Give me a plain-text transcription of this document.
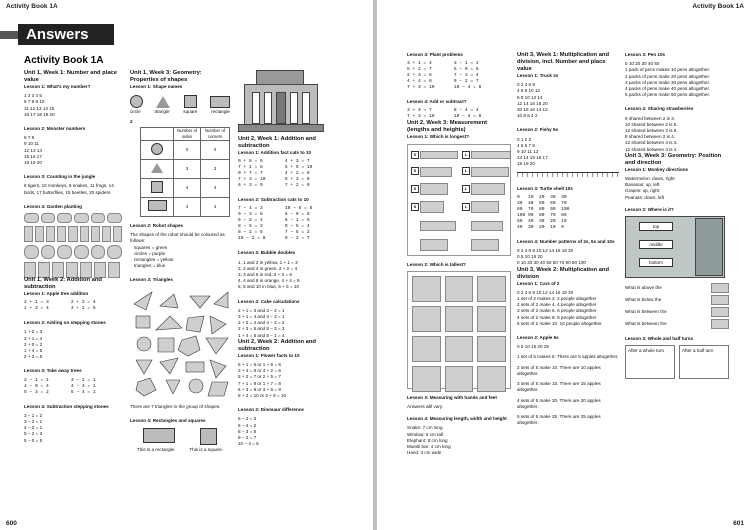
Activity Book 1A
Answers
Activity Book 1A

Unit 1, Week 1: Number and place value

Lesson 1: What's my number?

1 2 3 4 5

6 7 8 9 10

11 12 13 14 15

16 17 18 19 20

Lesson 2: Monster numbers

6 7 8

9 10 11

12 13 14

15 16 17

18 19 20

Lesson 3: Counting in the jungle

6 tigers, 10 monkeys, 8 snakes, 11 frogs, 14 birds, 17 butterflies, 15 beetles, 20 spiders

Lesson 4: Garden planting

Unit 1, Week 2: Addition and subtraction

Lesson 1: Apple tree addition

2 + 1 = 3        2 + 2 = 4
1 + 3 = 4        3 + 2 = 5

Lesson 2: Adding on stepping stones

1 + 2 = 3

3 + 1 = 4

2 + 0 = 2

1 + 4 = 5

2 + 3 = 5

Lesson 3: Take away trees

2 − 1 = 1        3 − 2 = 1
4 − 0 = 4        4 − 3 = 1
5 − 3 = 2        5 − 4 = 1

Lesson 4: Subtraction stepping stones

3 − 1 = 2

3 − 2 = 1

4 − 3 = 1

5 − 2 = 3

5 − 0 = 5

Unit 1, Week 3: Geometry: Properties of shapes

Lesson 1: Shape names

circle	triangle	square	rectangle

2

	Number of sides	Number of corners
	0	0
	3	3
	4	4
	4	4

Lesson 2: Robot shapes

The shapes of the robot should be coloured as follows:

squares = green

circles = purple

rectangles = yellow

triangles = blue

Lesson 3: Triangles

There are 7 triangles in the group of shapes.

Lesson 4: Rectangles and squares

This is a rectangle.	This is a square.

Unit 2, Week 1: Addition and subtraction

Lesson 1: Addition fact cats to 10

0 + 6 = 6        4 + 3 = 7
7 + 1 = 8        5 + 5 = 10
0 + 7 = 7        4 + 2 = 6
7 + 3 = 10       5 + 3 = 8
6 + 3 = 9        7 + 2 = 9

Lesson 2: Subtraction cats to 10

7 − 4 = 3        10 − 5 = 5
9 − 3 = 6        8 − 0 = 8
6 − 2 = 4        6 − 1 = 5
8 − 5 = 3        9 − 5 = 4
8 − 2 = 6        7 − 5 = 2
10 − 2 = 8       9 − 2 = 7

Lesson 3: Bubble doubles

1, 1 and 2 in yellow, 1 + 1 = 2

2, 2 and 4 in green, 2 + 2 = 4

3, 3 and 6 in red, 3 + 3 = 6

4, 4 and 8 in orange, 4 + 4 = 8

5, 5 and 10 in blue, 5 + 5 = 10

Lesson 4: Cake calculations

2 + 1 = 3 and 3 − 2 = 1

3 + 1 = 4 and 4 − 3 = 1

2 + 2 = 4 and 4 − 2 = 2

2 + 3 = 5 and 5 − 3 = 2

1 + 4 = 5 and 5 − 1 = 4

Unit 2, Week 2: Addition and subtraction

Lesson 1: Flower facts to 10

5 + 1 = 6 or 1 + 5 = 6

2 + 4 = 6 or 4 + 2 = 6

5 + 2 = 7 or 2 + 5 = 7

7 + 1 = 8 or 1 + 7 = 8

6 + 3 = 9 or 3 + 6 = 9

8 + 2 = 10 or 2 + 8 = 10

Lesson 2: Dinosaur difference

5 − 2 = 3

6 − 4 = 2

8 − 3 = 5

9 − 2 = 7

10 − 4 = 6

600
Activity Book 1A

Lesson 3: Plant problems

3 + 1 = 4        3 − 1 = 2
5 + 2 = 7        5 − 0 = 5
2 + 3 = 5        7 − 3 = 4
4 + 4 = 8        9 − 2 = 7
7 + 3 = 10       10 − 4 = 6

Lesson 4: Add or subtract?

3 + 4 = 7        8 − 4 = 4
7 + 3 = 10       10 − 4 = 6

Unit 2, Week 3: Measurement (lengths and heights)

Lesson 1: Which is longest?

S	L
S	L
S	L
S	L

Lesson 2: Which is tallest?

Lesson 3: Measuring with hands and feet

Answers will vary.

Lesson 4: Measuring length, width and height

Snake: 7 cm long

Window: 6 cm tall

Elephant: 8 cm long

Muesli bar: 4 cm long

Hand: 3 cm wide

Unit 3, Week 1: Multiplication and division, incl. Number and place value

Lesson 1: Truck 2s

0 2 4 6 8

4 6 8 10 12

6 8 10 12 14

12 14 16 18 20

20 18 16 14 12

10 8 6 4 2

Lesson 2: Fishy 5s

0 1 2 3

4 5 6 7 8

9 10 11 12

13 14 15 16 17

18 19 20

Lesson 3: Turtle shell 10s

0   10  20  30  40
30  40  50  60  70
60  70  80  90  100
100 90  80  70  60
50  40  30  20  10
40  30  20  10  0

Lesson 4: Number patterns of 2s, 5s and 10s

0 2 4 6 8 10 12 14 16 18 20

0 5 10 15 20

0 10 20 30 40 50 60 70 80 90 100

Unit 3, Week 2: Multiplication and division

Lesson 1: Cars of 2

0 2 4 6 8 10 12 14 16 18 20

1 set of 2 makes 2. 2 people altogether

2 sets of 2 make 4. 4 people altogether

3 sets of 2 make 6. 6 people altogether

4 sets of 2 make 8. 8 people altogether

5 sets of 2 make 10. 10 people altogether

Lesson 2: Apple 5s

0 5 10 15 20 25

1 set of 5 makes 5. There are 5 apples altogether.

2 sets of 5 make 10. There are 10 apples altogether.

3 sets of 5 make 15. There are 15 apples altogether.

4 sets of 5 make 20. There are 20 apples altogether.

5 sets of 5 make 25. There are 25 apples altogether.

Lesson 3: Pen 10s

0 10 20 30 40 50

1 pack of pens makes 10 pens altogether.

2 packs of pens make 20 pens altogether.

3 packs of pens make 30 pens altogether.

4 packs of pens make 40 pens altogether.

5 packs of pens make 50 pens altogether.

Lesson 4: Sharing strawberries

6 shared between 2 is 3.

10 shared between 2 is 5.

12 shared between 2 is 6.

8 shared between 2 is 4.

12 shared between 4 is 3.

12 shared between 3 is 4.

Unit 3, Week 3: Geometry: Position and direction

Lesson 1: Monkey directions

Watermelon: down, right

Bananas: up, left

Grapes: up, right

Peanuts: down, left

Lesson 2: Where is it?

top
middle
bottom
What is above the
What is below the
What is between the
What is between the

Lesson 3: Whole and half turns

After a whole turn	After a half turn
601
